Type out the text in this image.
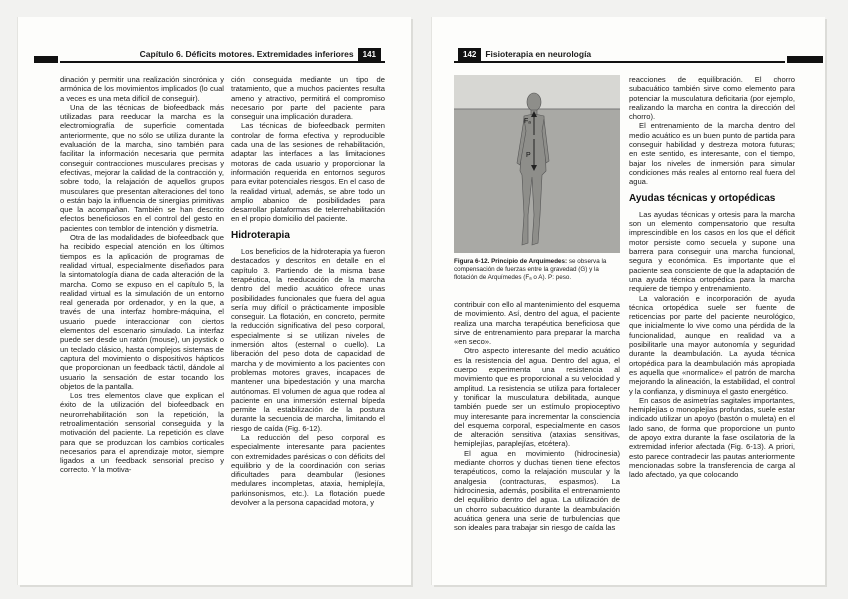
Capítulo 6. Déficits motores. Extremidades inferiores	141

dinación y permitir una realización sincrónica y armónica de los movimientos implicados (lo cual a veces es una meta difícil de conseguir).

Una de las técnicas de biofeedback más utilizadas para reeducar la marcha es la electromiografía de superficie comentada anteriormente, que no sólo se utiliza durante la evaluación de la marcha, sino también para facilitar la información necesaria que permita conseguir contracciones musculares precisas y efectivas, mejorar la calidad de la contracción y, sobre todo, la relajación de aquellos grupos musculares que presentan alteraciones del tono o están bajo la influencia de sinergias primitivas que la acompañan. También se han descrito efectos beneficiosos en el control del gesto en pacientes con temblor de intención y dismetría.

Otra de las modalidades de biofeedback que ha recibido especial atención en los últimos tiempos es la aplicación de programas de realidad virtual, especialmente diseñados para la sintomatología diana de cada alteración de la marcha. Como se expuso en el capítulo 5, la realidad virtual es la simulación de un entorno real generada por ordenador, y en la que, a través de una interfaz hombre-máquina, el usuario puede interaccionar con ciertos elementos del escenario simulado. La interfaz puede ser desde un ratón (mouse), un joystick o un teclado clásico, hasta complejos sistemas de captura del movimiento o dispositivos hápticos que proporcionan un feedback táctil, dándole al usuario la sensación de estar tocando los objetos de la pantalla.

Los tres elementos clave que explican el éxito de la utilización del biofeedback en neurorrehabilitación son la repetición, la retroalimentación sensorial conseguida y la motivación del paciente. La repetición es clave para que se produzcan los cambios corticales necesarios para el aprendizaje motor, siempre ligados a un feedback sensorial preciso y correcto. Y la motiva-

ción conseguida mediante un tipo de tratamiento, que a muchos pacientes resulta ameno y atractivo, permitirá el compromiso necesario por parte del paciente para conseguir una implicación duradera.

Las técnicas de biofeedback permiten controlar de forma efectiva y reproducible cada una de las sesiones de rehabilitación, adaptar las interfaces a las limitaciones motoras de cada usuario y proporcionar la información requerida en entornos seguros para evitar potenciales riesgos. En el caso de la realidad virtual, además, se abre todo un amplio abanico de posibilidades para desarrollar plataformas de telerrehabilitación en el propio domicilio del paciente.

Hidroterapia

Los beneficios de la hidroterapia ya fueron destacados y descritos en detalle en el capítulo 3. Partiendo de la misma base terapéutica, la reeducación de la marcha dentro del medio acuático ofrece unas posibilidades funcionales que fuera del agua sería muy difícil o prácticamente imposible conseguir. La flotación, en concreto, permite la reducción significativa del peso corporal, especialmente si se utilizan niveles de inmersión altos (esternal o cuello). La liberación del peso dota de capacidad de marcha y de movimiento a los pacientes con problemas motores graves, incapaces de mantener una bipedestación y una marcha autónomas. El volumen de agua que rodea al paciente en una inmersión esternal bípeda permite la estabilización de la postura durante la secuencia de marcha, limitando el riesgo de caída (Fig. 6-12).

La reducción del peso corporal es especialmente interesante para pacientes con extremidades parésicas o con déficits del equilibrio y de la coordinación con serias dificultades para deambular (lesiones medulares incompletas, ataxia, hemiplejía, parkinsonismos, etc.). La flotación puede devolver a la persona capacidad motora, y

142	Fisioterapia en neurología
Fₐ
P
Figura 6-12. Principio de Arquímedes: se observa la compensación de fuerzas entre la gravedad (G) y la flotación de Arquímedes (Fₐ o A). P: peso.

contribuir con ello al mantenimiento del esquema de movimiento. Así, dentro del agua, el paciente realiza una marcha terapéutica beneficiosa que sirve de entrenamiento para preparar la marcha «en seco».

Otro aspecto interesante del medio acuático es la resistencia del agua. Dentro del agua, el cuerpo experimenta una resistencia al movimiento que es proporcional a su velocidad y amplitud. La resistencia se utiliza para fortalecer y tonificar la musculatura debilitada, aunque también puede ser un estímulo propioceptivo muy interesante para incrementar la consciencia del esquema corporal, especialmente en casos de alteración sensitiva (ataxias sensitivas, hemiplejías, paraplejías, etcétera).

El agua en movimiento (hidrocinesia) mediante chorros y duchas tienen tiene efectos terapéuticos, como la relajación muscular y la analgesia (contracturas, espasmos). La hidrocinesia, además, posibilita el entrenamiento del equilibrio dentro del agua. La utilización de un chorro subacuático durante la deambulación acuática genera una serie de turbulencias que son ideales para trabajar sin riesgo de caída las

reacciones de equilibración. El chorro subacuático también sirve como elemento para potenciar la musculatura deficitaria (por ejemplo, realizando la marcha en contra la dirección del chorro).

El entrenamiento de la marcha dentro del medio acuático es un buen punto de partida para conseguir habilidad y destreza motora futuras; en este sentido, es interesante, con el tiempo, bajar los niveles de inmersión para simular condiciones más reales al entorno real fuera del agua.

Ayudas técnicas y ortopédicas

Las ayudas técnicas y ortesis para la marcha son un elemento compensatorio que resulta imprescindible en los casos en los que el déficit motor persiste como secuela y supone una barrera para conseguir una marcha funcional, segura y económica. Es importante que el paciente sea consciente de que la adaptación de una ayuda técnica ortopédica para la marcha requiere de tiempo y entrenamiento.

La valoración e incorporación de ayuda técnica ortopédica suele ser fuente de reticencias por parte del paciente neurológico, que inicialmente lo vive como una pérdida de la funcionalidad, aunque en realidad va a posibilitarle una mayor autonomía y seguridad durante la deambulación. La ayuda técnica ortopédica para la deambulación más apropiada es aquella que «normalice» el patrón de marcha mejorando la alineación, la estabilidad, el control y la confianza, y disminuya el gasto energético.

En casos de asimetrías sagitales importantes, hemiplejías o monoplejías profundas, suele estar indicado utilizar un apoyo (bastón o muleta) en el lado sano, de forma que proporcione un punto de apoyo extra durante la fase oscilatoria de la extremidad inferior afectada (Fig. 6-13). A priori, esto parece contradecir las pautas anteriormente mencionadas sobre la transferencia de carga al lado afectado, ya que colocando
